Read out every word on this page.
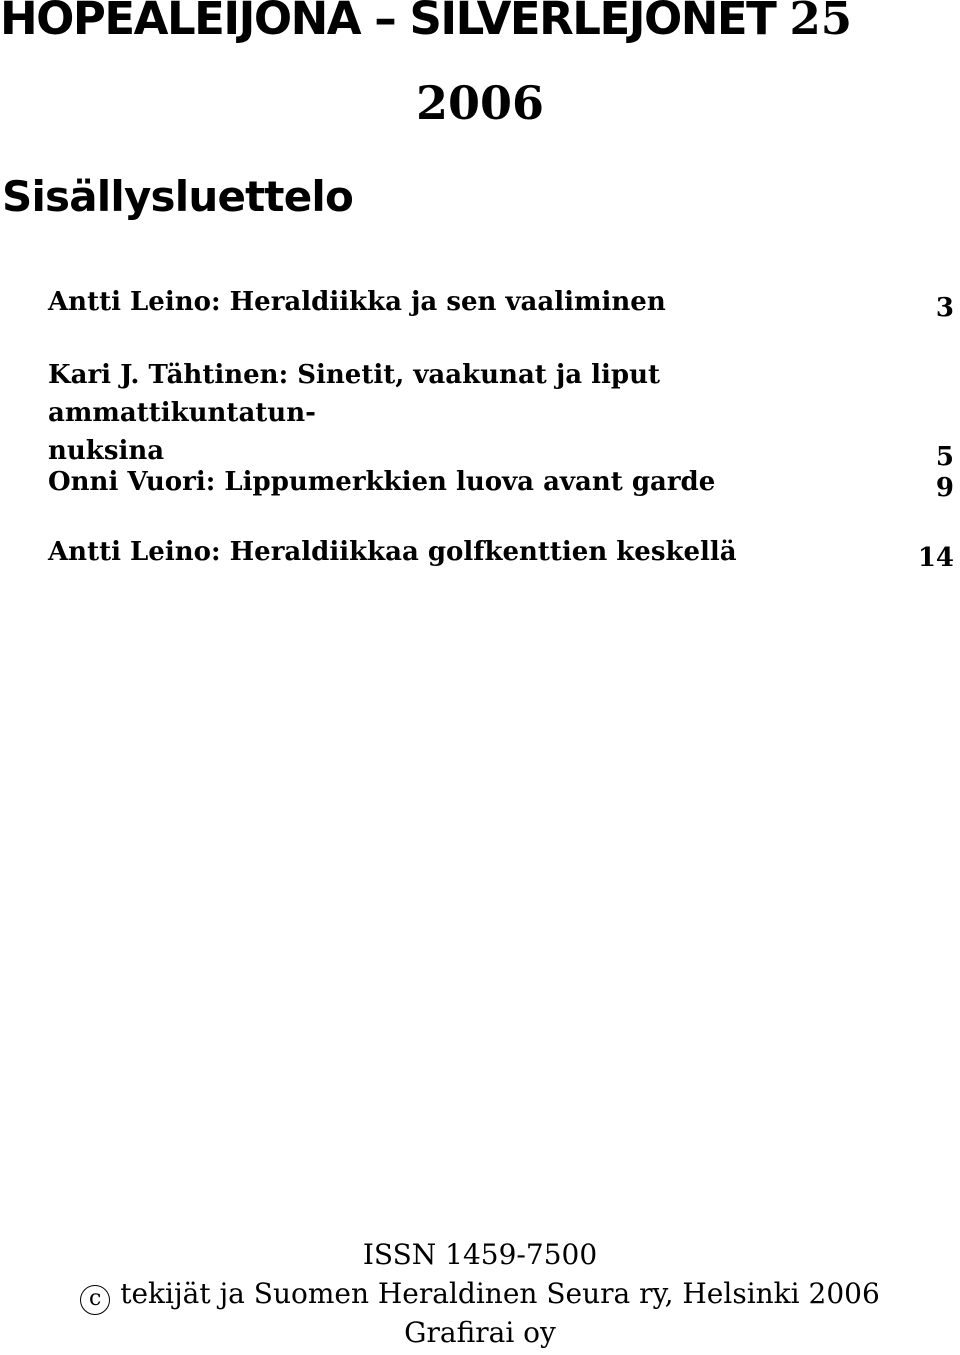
HOPEALEIJONA – SILVERLEJONET 25
2006
Sisällysluettelo
Antti Leino: Heraldiikka ja sen vaaliminen	3
Kari J. Tähtinen: Sinetit, vaakunat ja liput ammattikuntatun-
nuksina	5
Onni Vuori: Lippumerkkien luova avant garde	9
Antti Leino: Heraldiikkaa golfkenttien keskellä	14
ISSN 1459-7500
c tekijät ja Suomen Heraldinen Seura ry, Helsinki 2006
Grafirai oy
